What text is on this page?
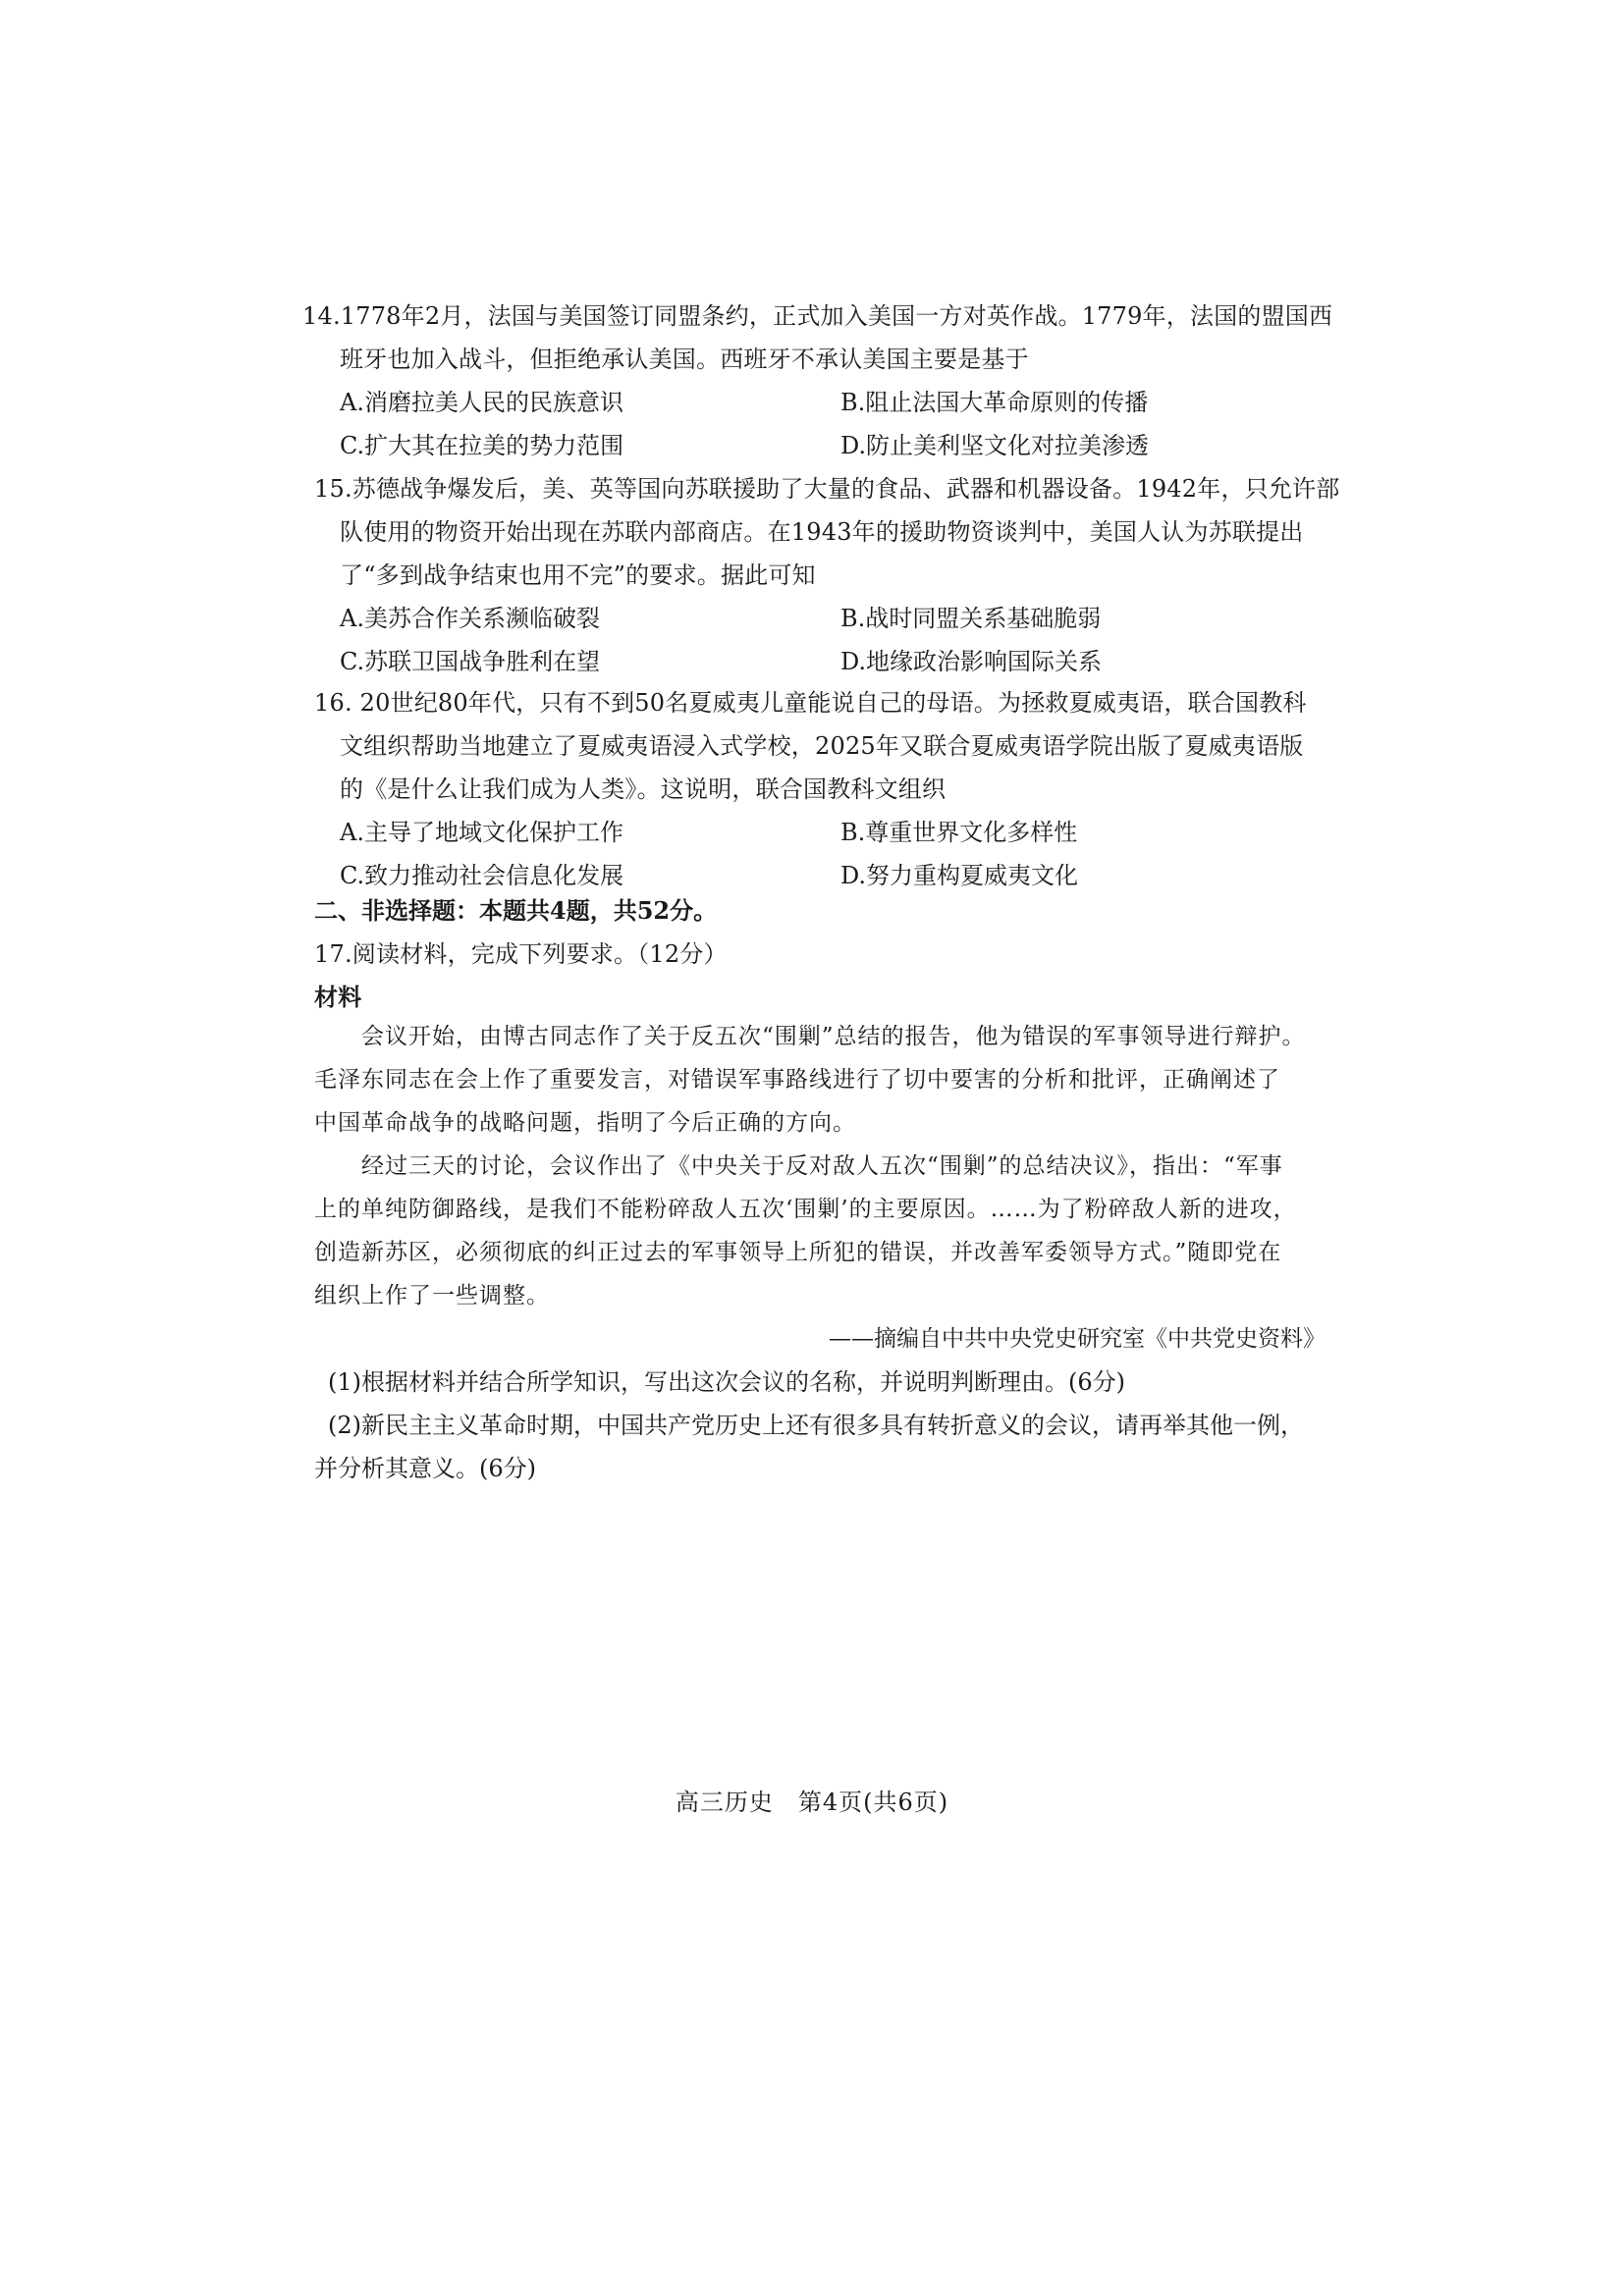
14.1778年2月，法国与美国签订同盟条约，正式加入美国一方对英作战。1779年，法国的盟国西
班牙也加入战斗，但拒绝承认美国。西班牙不承认美国主要是基于
A.消磨拉美人民的民族意识	B.阻止法国大革命原则的传播
C.扩大其在拉美的势力范围	D.防止美利坚文化对拉美渗透
15.苏德战争爆发后，美、英等国向苏联援助了大量的食品、武器和机器设备。1942年，只允许部
队使用的物资开始出现在苏联内部商店。在1943年的援助物资谈判中，美国人认为苏联提出
了“多到战争结束也用不完”的要求。据此可知
A.美苏合作关系濒临破裂	B.战时同盟关系基础脆弱
C.苏联卫国战争胜利在望	D.地缘政治影响国际关系
16. 20世纪80年代，只有不到50名夏威夷儿童能说自己的母语。为拯救夏威夷语，联合国教科
文组织帮助当地建立了夏威夷语浸入式学校，2025年又联合夏威夷语学院出版了夏威夷语版
的《是什么让我们成为人类》。这说明，联合国教科文组织
A.主导了地域文化保护工作	B.尊重世界文化多样性
C.致力推动社会信息化发展	D.努力重构夏威夷文化
二、非选择题：本题共4题，共52分。
17.阅读材料，完成下列要求。（12分）
材料
会议开始，由博古同志作了关于反五次“围剿”总结的报告，他为错误的军事领导进行辩护。
毛泽东同志在会上作了重要发言，对错误军事路线进行了切中要害的分析和批评，正确阐述了
中国革命战争的战略问题，指明了今后正确的方向。
经过三天的讨论，会议作出了《中央关于反对敌人五次“围剿”的总结决议》，指出：“军事
上的单纯防御路线，是我们不能粉碎敌人五次‘围剿’的主要原因。……为了粉碎敌人新的进攻，
创造新苏区，必须彻底的纠正过去的军事领导上所犯的错误，并改善军委领导方式。”随即党在
组织上作了一些调整。
——摘编自中共中央党史研究室《中共党史资料》
(1)根据材料并结合所学知识，写出这次会议的名称，并说明判断理由。(6分)
(2)新民主主义革命时期，中国共产党历史上还有很多具有转折意义的会议，请再举其他一例，
并分析其意义。(6分)
高三历史　第4页(共6页)
